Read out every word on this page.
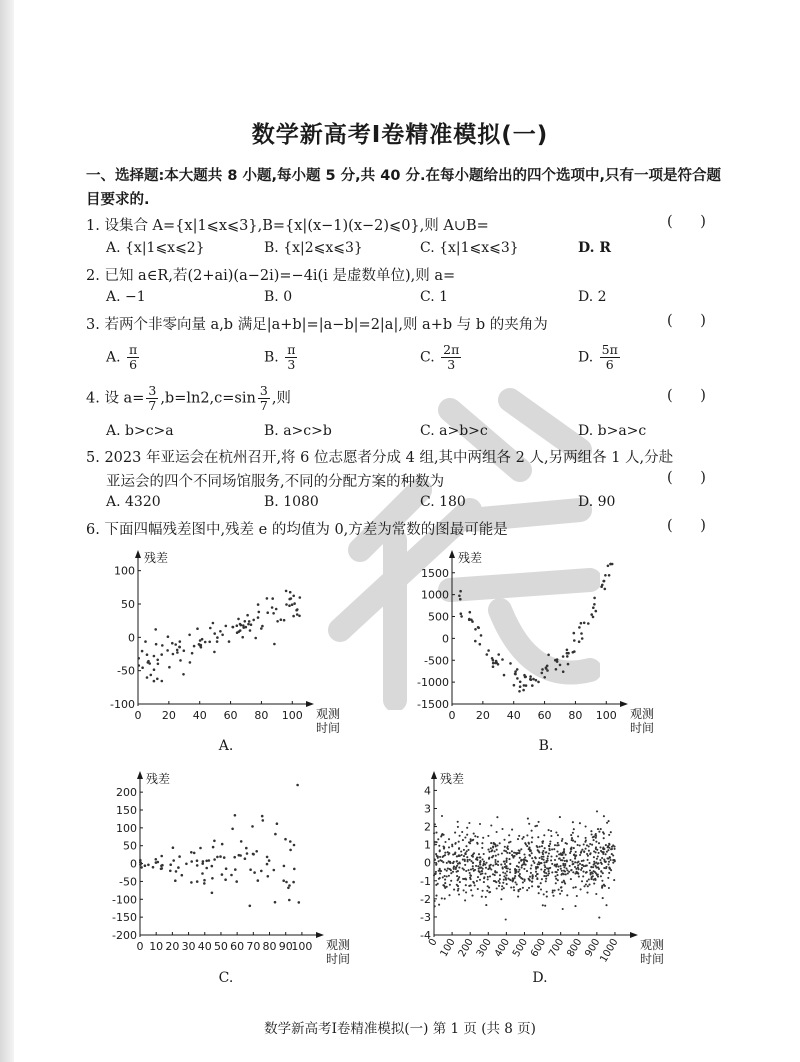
数学新高考Ⅰ卷精准模拟(一)
一、选择题:本大题共 8 小题,每小题 5 分,共 40 分.在每小题给出的四个选项中,只有一项是符合题目要求的.
1. 设集合 A={x|1⩽x⩽3},B={x|(x−1)(x−2)⩽0},则 A∪B=	(      )
A. {x|1⩽x⩽2}	B. {x|2⩽x⩽3}	C. {x|1⩽x⩽3}	D. R
2. 已知 a∈R,若(2+ai)(a−2i)=−4i(i 是虚数单位),则 a=
A. −1	B. 0	C. 1	D. 2
3. 若两个非零向量 a,b 满足|a+b|=|a−b|=2|a|,则 a+b 与 b 的夹角为	(      )
A. $\frac{\pi}{6}$	B. $\frac{\pi}{3}$	C. $\frac{2\pi}{3}$	D. $\frac{5\pi}{6}$
4. 设 $a= \frac{3}{7} ,b=\ln 2,c=\sin \frac{3}{7}$ ,则	(      )
A. b>c>a	B. a>c>b	C. a>b>c	D. b>a>c
5. 2023 年亚运会在杭州召开,将 6 位志愿者分成 4 组,其中两组各 2 人,另两组各 1 人,分赴
亚运会的四个不同场馆服务,不同的分配方案的种数为	(      )
A. 4320	B. 1080	C. 180	D. 90
6. 下面四幅残差图中,残差 e 的均值为 0,方差为常数的图最可能是	(      )
-100
-50
0
50
100
0 20 40 60 80 100
残差
观测
时间
-1500
-1000
-500
0
500
1000
1500
0 20 40 60 80 100
残差
观测
时间
-200
-150
-100
-50
0
50
100
150
200
0 10 20 30 40 50 60 70 80 90
100
残差
观测
时间
-4
-3
-2
-1
0
1
2
3
4
0 100 200 300 400 500 600 700 800 900
1000
残差
观测
时间
A.	B.
C.	D.
数学新高考Ⅰ卷精准模拟(一) 第 1 页 (共 8 页)
